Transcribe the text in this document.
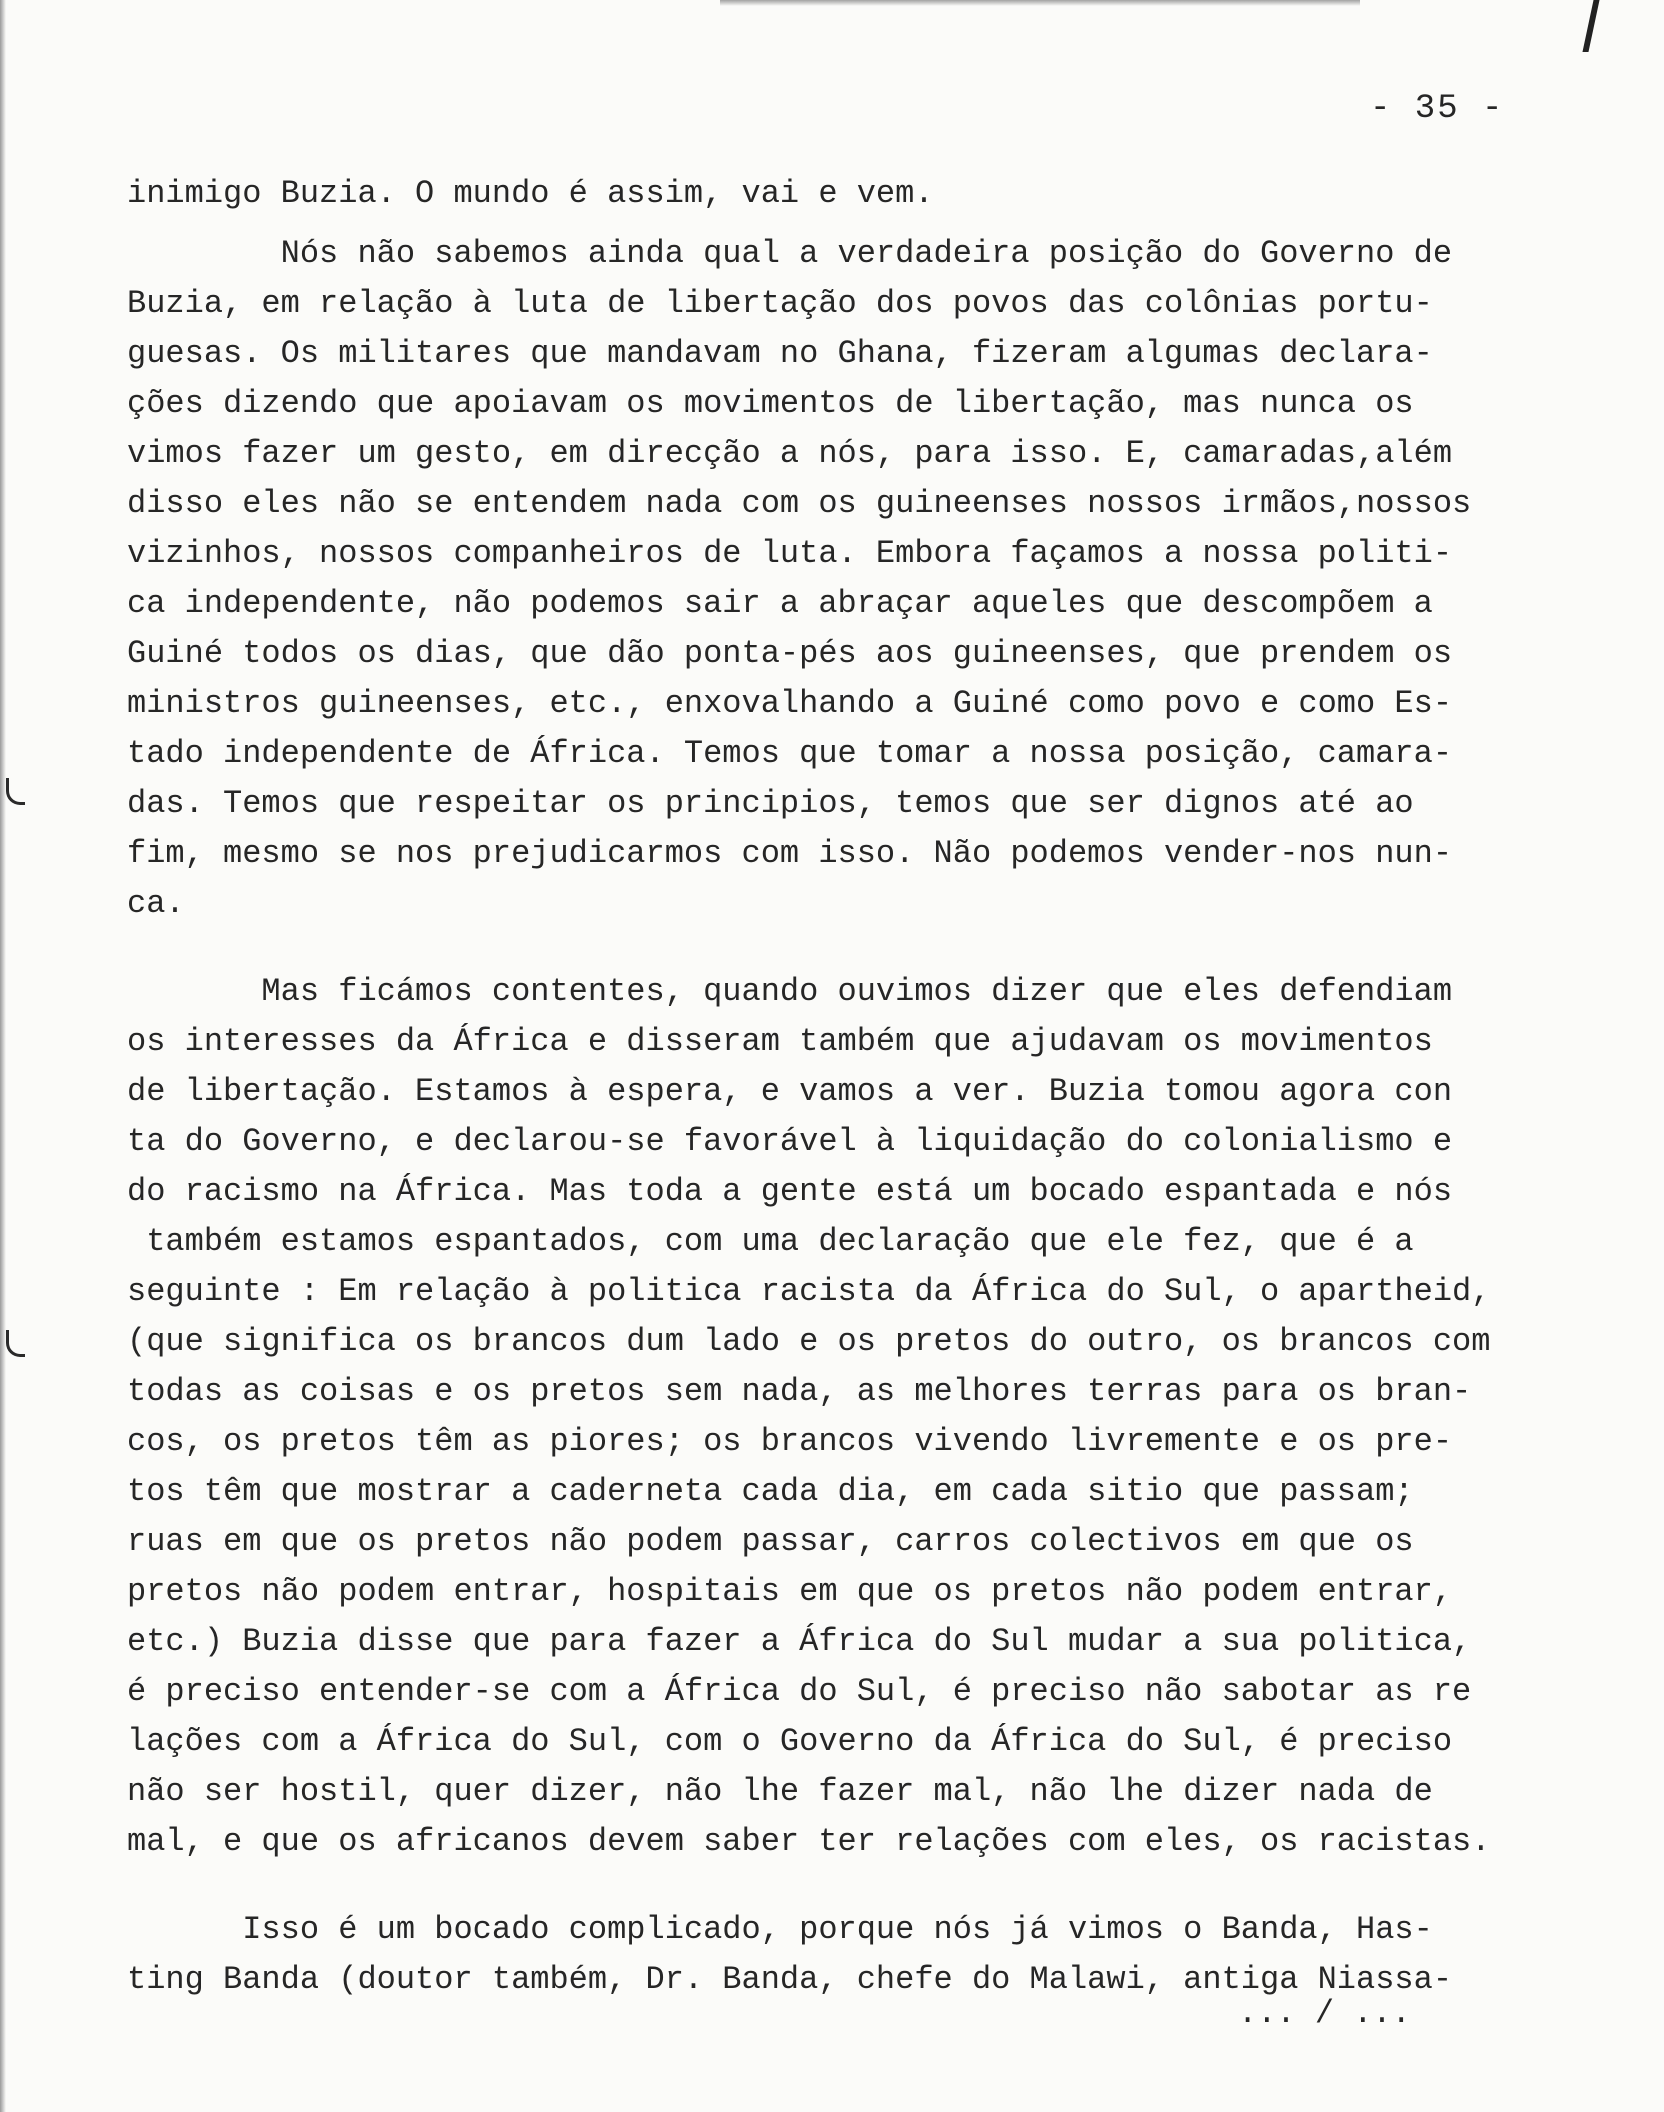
- 35 -
inimigo Buzia. O mundo é assim, vai e vem.
Nós não sabemos ainda qual a verdadeira posição do Governo de
Buzia, em relação à luta de libertação dos povos das colônias portu-
guesas. Os militares que mandavam no Ghana, fizeram algumas declara-
ções dizendo que apoiavam os movimentos de libertação, mas nunca os
vimos fazer um gesto, em direcção a nós, para isso. E, camaradas,além
disso eles não se entendem nada com os guineenses nossos irmãos,nossos
vizinhos, nossos companheiros de luta. Embora façamos a nossa politi-
ca independente, não podemos sair a abraçar aqueles que descompõem a
Guiné todos os dias, que dão ponta-pés aos guineenses, que prendem os
ministros guineenses, etc., enxovalhando a Guiné como povo e como Es-
tado independente de África. Temos que tomar a nossa posição, camara-
das. Temos que respeitar os principios, temos que ser dignos até ao
fim, mesmo se nos prejudicarmos com isso. Não podemos vender-nos nun-
ca.
Mas ficámos contentes, quando ouvimos dizer que eles defendiam
os interesses da África e disseram também que ajudavam os movimentos
de libertação. Estamos à espera, e vamos a ver. Buzia tomou agora con
ta do Governo, e declarou-se favorável à liquidação do colonialismo e
do racismo na África. Mas toda a gente está um bocado espantada e nós
também estamos espantados, com uma declaração que ele fez, que é a
seguinte : Em relação à politica racista da África do Sul, o apartheid,
(que significa os brancos dum lado e os pretos do outro, os brancos com
todas as coisas e os pretos sem nada, as melhores terras para os bran-
cos, os pretos têm as piores; os brancos vivendo livremente e os pre-
tos têm que mostrar a caderneta cada dia, em cada sitio que passam;
ruas em que os pretos não podem passar, carros colectivos em que os
pretos não podem entrar, hospitais em que os pretos não podem entrar,
etc.) Buzia disse que para fazer a África do Sul mudar a sua politica,
é preciso entender-se com a África do Sul, é preciso não sabotar as re
lações com a África do Sul, com o Governo da África do Sul, é preciso
não ser hostil, quer dizer, não lhe fazer mal, não lhe dizer nada de
mal, e que os africanos devem saber ter relações com eles, os racistas.
Isso é um bocado complicado, porque nós já vimos o Banda, Has-
ting Banda (doutor também, Dr. Banda, chefe do Malawi, antiga Niassa-
... / ...
